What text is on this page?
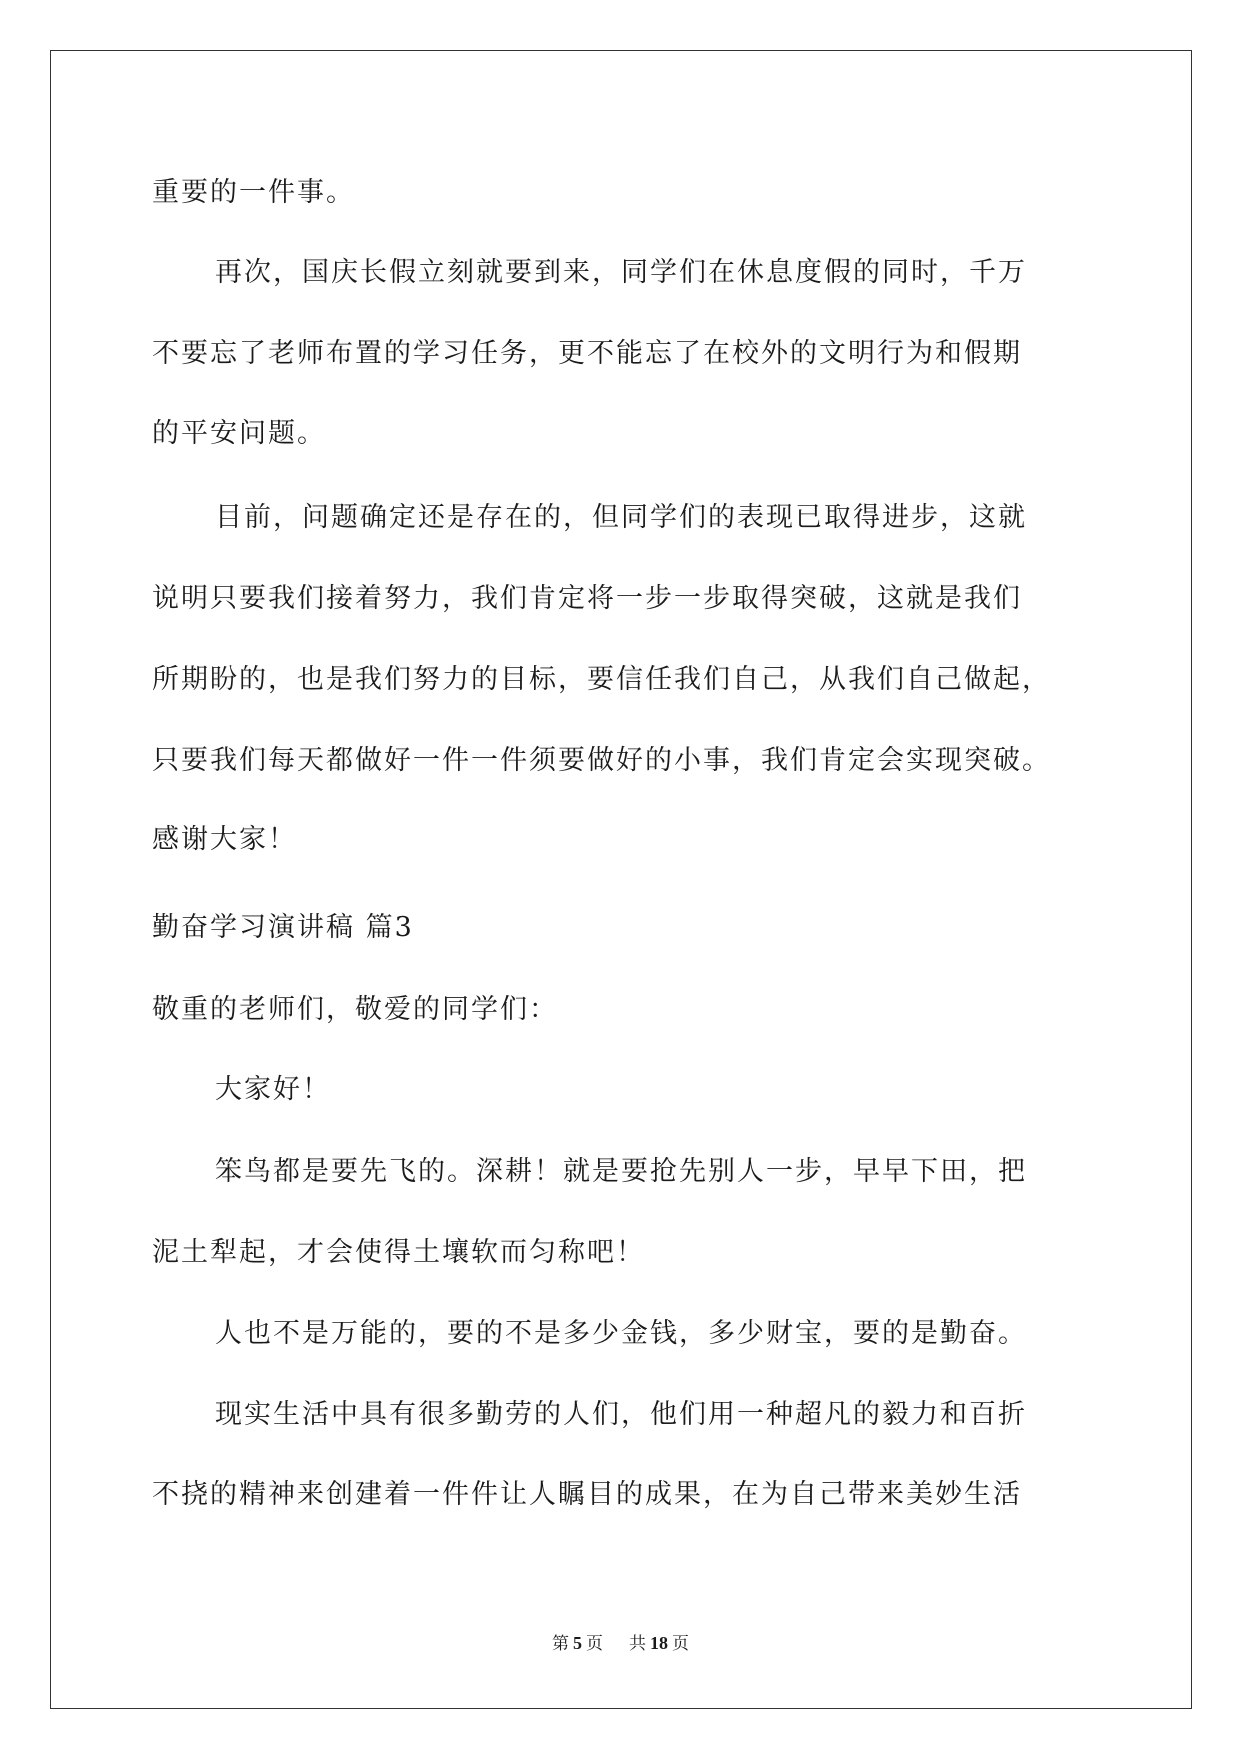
重要的一件事。
再次，国庆长假立刻就要到来，同学们在休息度假的同时，千万
不要忘了老师布置的学习任务，更不能忘了在校外的文明行为和假期
的平安问题。
目前，问题确定还是存在的，但同学们的表现已取得进步，这就
说明只要我们接着努力，我们肯定将一步一步取得突破，这就是我们
所期盼的，也是我们努力的目标，要信任我们自己，从我们自己做起，
只要我们每天都做好一件一件须要做好的小事，我们肯定会实现突破。
感谢大家！
勤奋学习演讲稿 篇3
敬重的老师们，敬爱的同学们：
大家好！
笨鸟都是要先飞的。深耕！就是要抢先别人一步，早早下田，把
泥土犁起，才会使得土壤软而匀称吧！
人也不是万能的，要的不是多少金钱，多少财宝，要的是勤奋。
现实生活中具有很多勤劳的人们，他们用一种超凡的毅力和百折
不挠的精神来创建着一件件让人瞩目的成果，在为自己带来美妙生活
第 5 页 共 18 页
